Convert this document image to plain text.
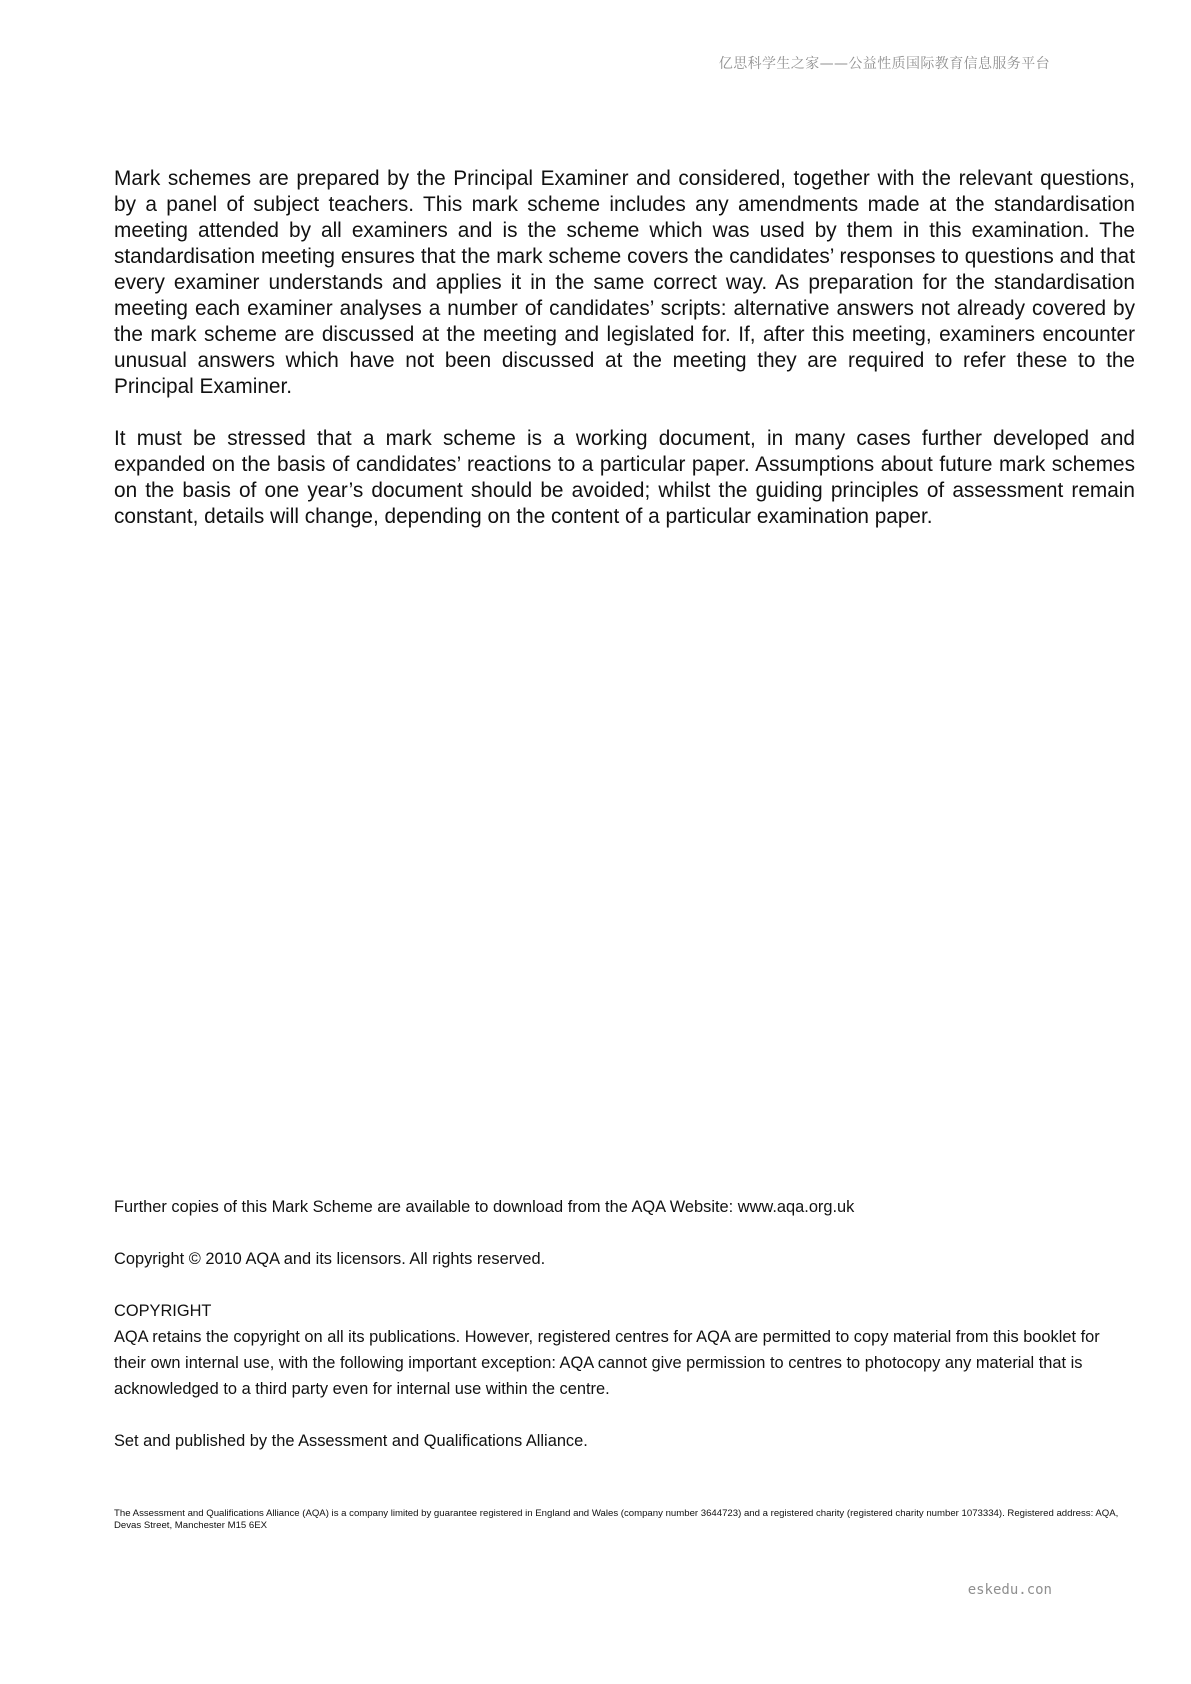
亿思科学生之家——公益性质国际教育信息服务平台

Mark schemes are prepared by the Principal Examiner and considered, together with the relevant questions, by a panel of subject teachers. This mark scheme includes any amendments made at the standardisation meeting attended by all examiners and is the scheme which was used by them in this examination. The standardisation meeting ensures that the mark scheme covers the candidates’ responses to questions and that every examiner understands and applies it in the same correct way. As preparation for the standardisation meeting each examiner analyses a number of candidates’ scripts: alternative answers not already covered by the mark scheme are discussed at the meeting and legislated for. If, after this meeting, examiners encounter unusual answers which have not been discussed at the meeting they are required to refer these to the Principal Examiner.

It must be stressed that a mark scheme is a working document, in many cases further developed and expanded on the basis of candidates’ reactions to a particular paper. Assumptions about future mark schemes on the basis of one year’s document should be avoided; whilst the guiding principles of assessment remain constant, details will change, depending on the content of a particular examination paper.

Further copies of this Mark Scheme are available to download from the AQA Website: www.aqa.org.uk

Copyright © 2010 AQA and its licensors. All rights reserved.

COPYRIGHT

AQA retains the copyright on all its publications. However, registered centres for AQA are permitted to copy material from this booklet for their own internal use, with the following important exception: AQA cannot give permission to centres to photocopy any material that is acknowledged to a third party even for internal use within the centre.

Set and published by the Assessment and Qualifications Alliance.

The Assessment and Qualifications Alliance (AQA) is a company limited by guarantee registered in England and Wales (company number 3644723) and a registered charity (registered charity number 1073334). Registered address: AQA, Devas Street, Manchester M15 6EX
eskedu.con
